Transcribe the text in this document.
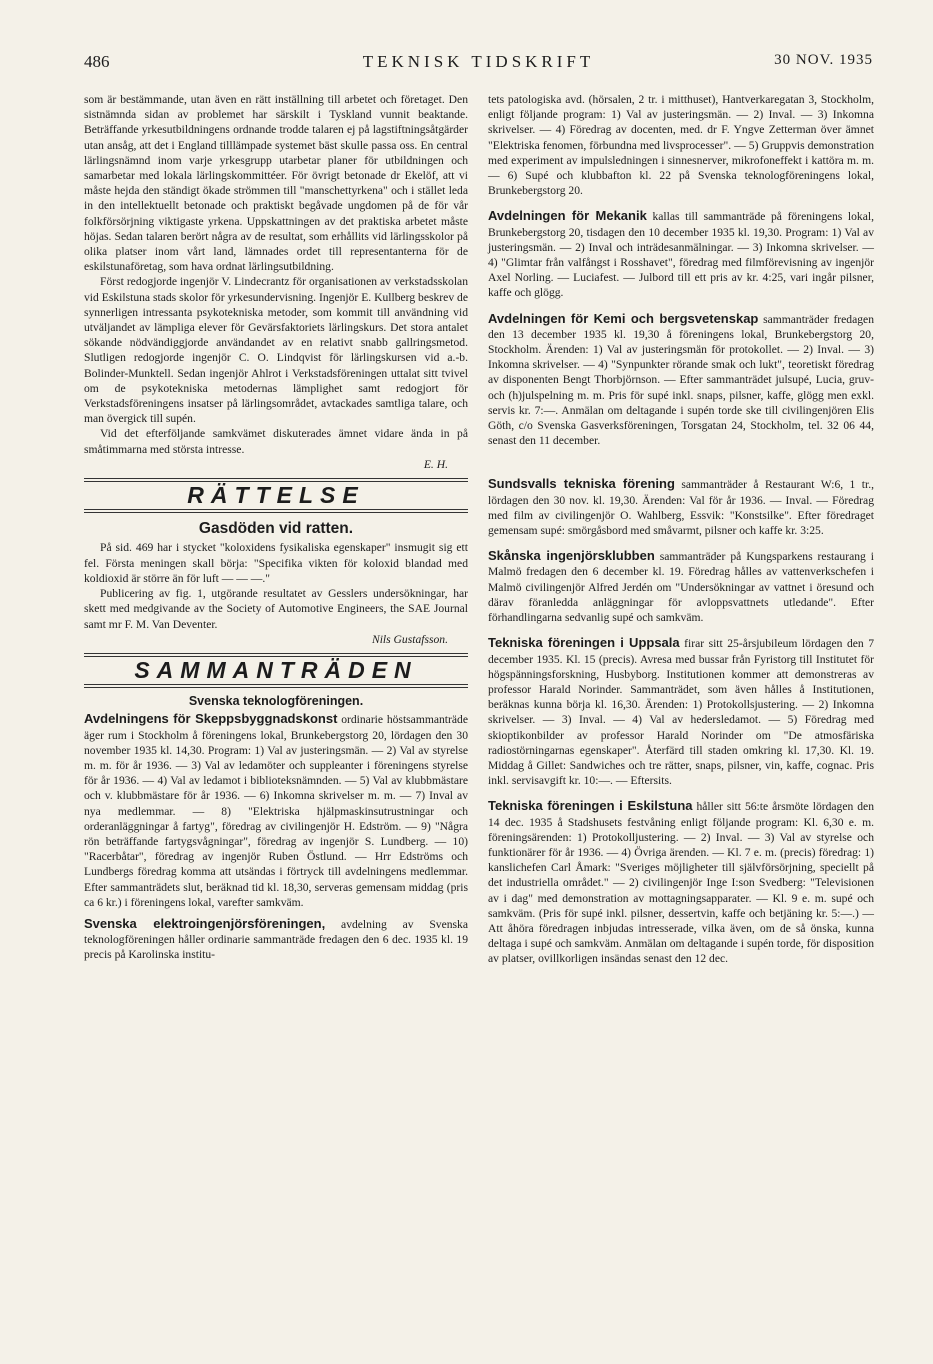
486	TEKNISK TIDSKRIFT	30 NOV. 1935

som är bestämmande, utan även en rätt inställning till arbetet och företaget. Den sistnämnda sidan av problemet har särskilt i Tyskland vunnit beaktande. Beträffande yrkesutbildningens ordnande trodde talaren ej på lagstiftningsåtgärder utan ansåg, att det i England tilllämpade systemet bäst skulle passa oss. En central lärlingsnämnd inom varje yrkesgrupp utarbetar planer för utbildningen och samarbetar med lokala lärlingskommittéer. För övrigt betonade dr Ekelöf, att vi måste hejda den ständigt ökade strömmen till "manschettyrkena" och i stället leda in den intellektuellt betonade och praktiskt begåvade ungdomen på de för vår folkförsörjning viktigaste yrkena. Uppskattningen av det praktiska arbetet måste höjas. Sedan talaren berört några av de resultat, som erhållits vid lärlingsskolor på olika platser inom vårt land, lämnades ordet till representanterna för de eskilstunaföretag, som hava ordnat lärlingsutbildning.

Först redogjorde ingenjör V. Lindecrantz för organisationen av verkstadsskolan vid Eskilstuna stads skolor för yrkesundervisning. Ingenjör E. Kullberg beskrev de synnerligen intressanta psykotekniska metoder, som kommit till användning vid utväljandet av lämpliga elever för Gevärsfaktoriets lärlingskurs. Det stora antalet sökande nödvändiggjorde användandet av en relativt snabb gallringsmetod. Slutligen redogjorde ingenjör C. O. Lindqvist för lärlingskursen vid a.-b. Bolinder-Munktell. Sedan ingenjör Ahlrot i Verkstadsföreningen uttalat sitt tvivel om de psykotekniska metodernas lämplighet samt redogjort för Verkstadsföreningens insatser på lärlingsområdet, avtackades samtliga talare, och man övergick till supén.

Vid det efterföljande samkvämet diskuterades ämnet vidare ända in på småtimmarna med största intresse.

E. H.

RÄTTELSE
Gasdöden vid ratten.

På sid. 469 har i stycket "koloxidens fysikaliska egenskaper" insmugit sig ett fel. Första meningen skall börja: "Specifika vikten för koloxid blandad med koldioxid är större än för luft — — —."

Publicering av fig. 1, utgörande resultatet av Gesslers undersökningar, har skett med medgivande av the Society of Automotive Engineers, the SAE Journal samt mr F. M. Van Deventer.

Nils Gustafsson.

SAMMANTRÄDEN
Svenska teknologföreningen.

Avdelningens för Skeppsbyggnadskonst ordinarie höstsammanträde äger rum i Stockholm å föreningens lokal, Brunkebergstorg 20, lördagen den 30 november 1935 kl. 14,30. Program: 1) Val av justeringsmän. — 2) Val av styrelse m. m. för år 1936. — 3) Val av ledamöter och suppleanter i föreningens styrelse för år 1936. — 4) Val av ledamot i biblioteksnämnden. — 5) Val av klubbmästare och v. klubbmästare för år 1936. — 6) Inkomna skrivelser m. m. — 7) Inval av nya medlemmar. — 8) "Elektriska hjälpmaskinsutrustningar och orderanläggningar å fartyg", föredrag av civilingenjör H. Edström. — 9) "Några rön beträffande fartygsvågningar", föredrag av ingenjör S. Lundberg. — 10) "Racerbåtar", föredrag av ingenjör Ruben Östlund. — Hrr Edströms och Lundbergs föredrag komma att utsändas i förtryck till avdelningens medlemmar. Efter sammanträdets slut, beräknad tid kl. 18,30, serveras gemensam middag (pris ca 6 kr.) i föreningens lokal, varefter samkväm.

Svenska elektroingenjörsföreningen, avdelning av Svenska teknologföreningen håller ordinarie sammanträde fredagen den 6 dec. 1935 kl. 19 precis på Karolinska institu-

tets patologiska avd. (hörsalen, 2 tr. i mitthuset), Hantverkaregatan 3, Stockholm, enligt följande program: 1) Val av justeringsmän. — 2) Inval. — 3) Inkomna skrivelser. — 4) Föredrag av docenten, med. dr F. Yngve Zetterman över ämnet "Elektriska fenomen, förbundna med livsprocesser". — 5) Gruppvis demonstration med experiment av impulsledningen i sinnesnerver, mikrofoneffekt i kattöra m. m. — 6) Supé och klubbafton kl. 22 på Svenska teknologföreningens lokal, Brunkebergstorg 20.

Avdelningen för Mekanik kallas till sammanträde på föreningens lokal, Brunkebergstorg 20, tisdagen den 10 december 1935 kl. 19,30. Program: 1) Val av justeringsmän. — 2) Inval och inträdesanmälningar. — 3) Inkomna skrivelser. — 4) "Glimtar från valfångst i Rosshavet", föredrag med filmförevisning av ingenjör Axel Norling. — Luciafest. — Julbord till ett pris av kr. 4:25, vari ingår pilsner, kaffe och glögg.

Avdelningen för Kemi och bergsvetenskap sammanträder fredagen den 13 december 1935 kl. 19,30 å föreningens lokal, Brunkebergstorg 20, Stockholm. Ärenden: 1) Val av justeringsmän för protokollet. — 2) Inval. — 3) Inkomna skrivelser. — 4) "Synpunkter rörande smak och lukt", teoretiskt föredrag av disponenten Bengt Thorbjörnson. — Efter sammanträdet julsupé, Lucia, gruv- och (h)julspelning m. m. Pris för supé inkl. snaps, pilsner, kaffe, glögg men exkl. servis kr. 7:—. Anmälan om deltagande i supén torde ske till civilingenjören Elis Göth, c/o Svenska Gasverksföreningen, Torsgatan 24, Stockholm, tel. 32 06 44, senast den 11 december.

Sundsvalls tekniska förening sammanträder å Restaurant W:6, 1 tr., lördagen den 30 nov. kl. 19,30. Ärenden: Val för år 1936. — Inval. — Föredrag med film av civilingenjör O. Wahlberg, Essvik: "Konstsilke". Efter föredraget gemensam supé: smörgåsbord med småvarmt, pilsner och kaffe kr. 3:25.

Skånska ingenjörsklubben sammanträder på Kungsparkens restaurang i Malmö fredagen den 6 december kl. 19. Föredrag hålles av vattenverkschefen i Malmö civilingenjör Alfred Jerdén om "Undersökningar av vattnet i öresund och därav föranledda anläggningar för avloppsvattnets utledande". Efter förhandlingarna sedvanlig supé och samkväm.

Tekniska föreningen i Uppsala firar sitt 25-årsjubileum lördagen den 7 december 1935. Kl. 15 (precis). Avresa med bussar från Fyristorg till Institutet för högspänningsforskning, Husbyborg. Institutionen kommer att demonstreras av professor Harald Norinder. Sammanträdet, som även hålles å Institutionen, beräknas kunna börja kl. 16,30. Ärenden: 1) Protokollsjustering. — 2) Inkomna skrivelser. — 3) Inval. — 4) Val av hedersledamot. — 5) Föredrag med skioptikonbilder av professor Harald Norinder om "De atmosfäriska radiostörningarnas egenskaper". Återfärd till staden omkring kl. 17,30. Kl. 19. Middag å Gillet: Sandwiches och tre rätter, snaps, pilsner, vin, kaffe, cognac. Pris inkl. servisavgift kr. 10:—. — Eftersits.

Tekniska föreningen i Eskilstuna håller sitt 56:te årsmöte lördagen den 14 dec. 1935 å Stadshusets festvåning enligt följande program: Kl. 6,30 e. m. föreningsärenden: 1) Protokolljustering. — 2) Inval. — 3) Val av styrelse och funktionärer för år 1936. — 4) Övriga ärenden. — Kl. 7 e. m. (precis) föredrag: 1) kanslichefen Carl Åmark: "Sveriges möjligheter till självförsörjning, speciellt på det industriella området." — 2) civilingenjör Inge I:son Svedberg: "Televisionen av i dag" med demonstration av mottagningsapparater. — Kl. 9 e. m. supé och samkväm. (Pris för supé inkl. pilsner, dessertvin, kaffe och betjäning kr. 5:—.) — Att åhöra föredragen inbjudas intresserade, vilka även, om de så önska, kunna deltaga i supé och samkväm. Anmälan om deltagande i supén torde, för disposition av platser, ovillkorligen insändas senast den 12 dec.
